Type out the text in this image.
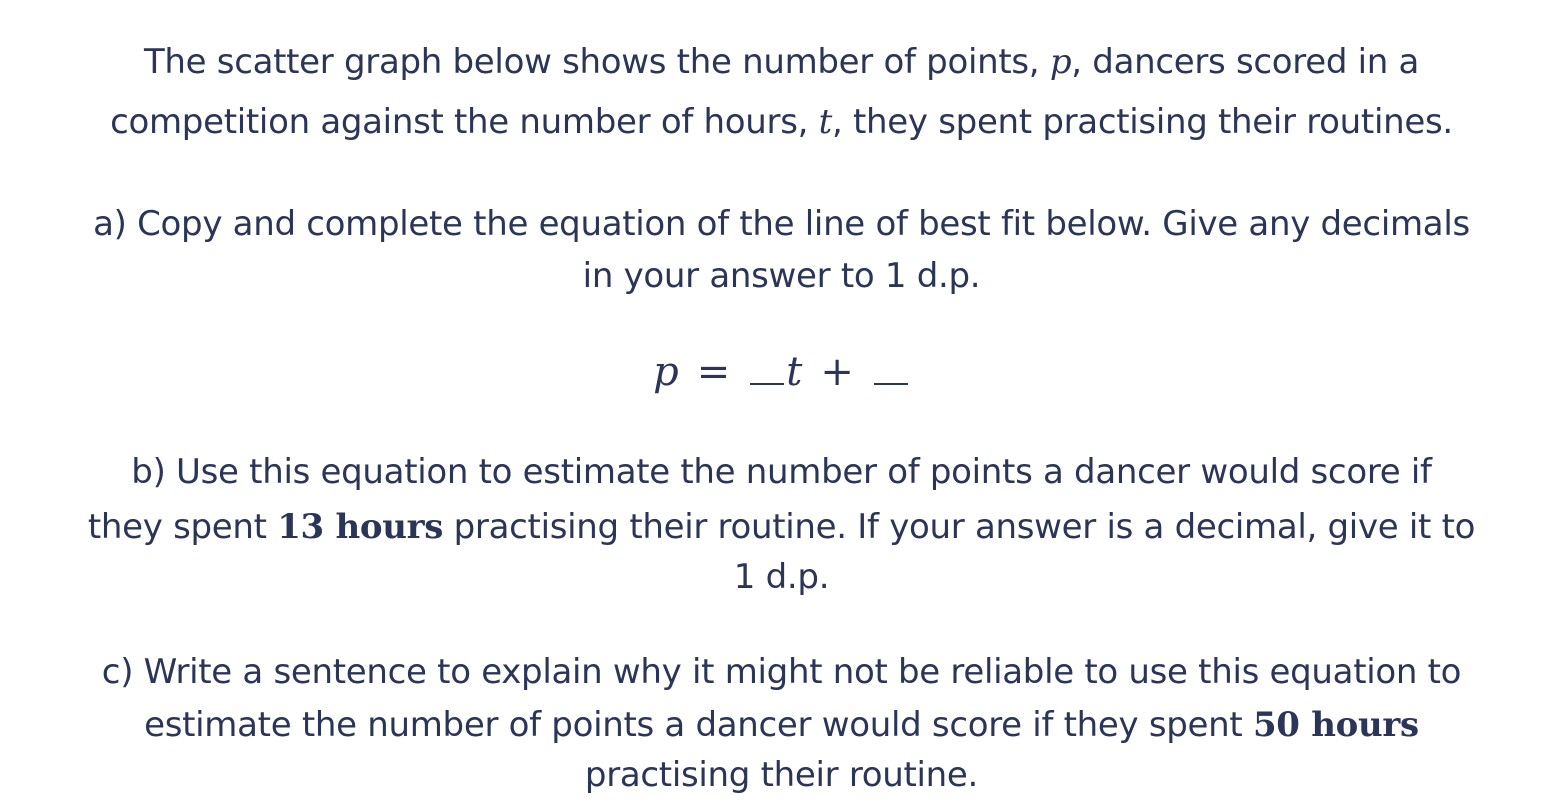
The scatter graph below shows the number of points, p, dancers scored in a
competition against the number of hours, t, they spent practising their routines.
a) Copy and complete the equation of the line of best fit below. Give any decimals
in your answer to 1 d.p.
p = t +
b) Use this equation to estimate the number of points a dancer would score if
they spent 13 hours practising their routine. If your answer is a decimal, give it to
1 d.p.
c) Write a sentence to explain why it might not be reliable to use this equation to
estimate the number of points a dancer would score if they spent 50 hours
practising their routine.
